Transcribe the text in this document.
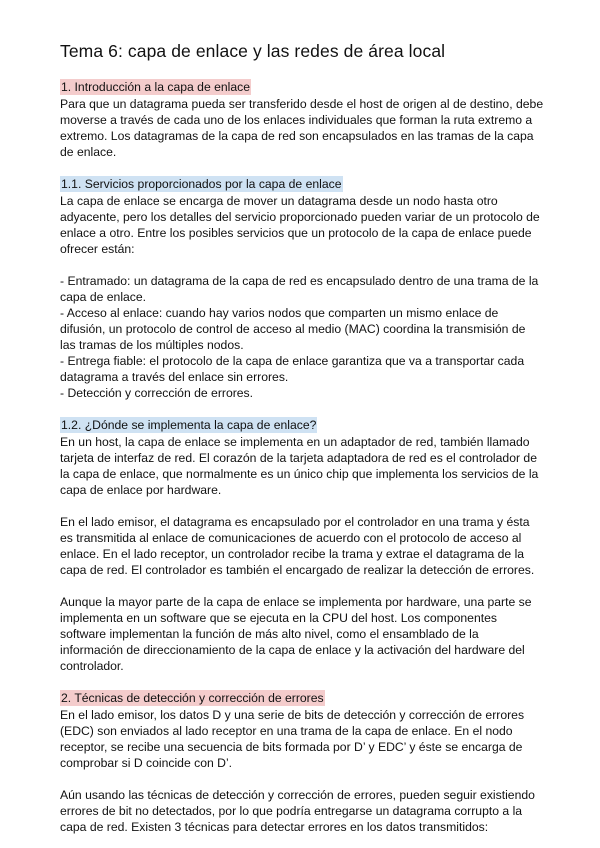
Tema 6: capa de enlace y las redes de área local
1. Introducción a la capa de enlace

Para que un datagrama pueda ser transferido desde el host de origen al de destino, debe moverse a través de cada uno de los enlaces individuales que forman la ruta extremo a extremo. Los datagramas de la capa de red son encapsulados en las tramas de la capa de enlace.

1.1. Servicios proporcionados por la capa de enlace

La capa de enlace se encarga de mover un datagrama desde un nodo hasta otro adyacente, pero los detalles del servicio proporcionado pueden variar de un protocolo de enlace a otro. Entre los posibles servicios que un protocolo de la capa de enlace puede ofrecer están:

- Entramado: un datagrama de la capa de red es encapsulado dentro de una trama de la capa de enlace.

- Acceso al enlace: cuando hay varios nodos que comparten un mismo enlace de difusión, un protocolo de control de acceso al medio (MAC) coordina la transmisión de las tramas de los múltiples nodos.

- Entrega fiable: el protocolo de la capa de enlace garantiza que va a transportar cada datagrama a través del enlace sin errores.

- Detección y corrección de errores.

1.2. ¿Dónde se implementa la capa de enlace?

En un host, la capa de enlace se implementa en un adaptador de red, también llamado tarjeta de interfaz de red. El corazón de la tarjeta adaptadora de red es el controlador de la capa de enlace, que normalmente es un único chip que implementa los servicios de la capa de enlace por hardware.

En el lado emisor, el datagrama es encapsulado por el controlador en una trama y ésta es transmitida al enlace de comunicaciones de acuerdo con el protocolo de acceso al enlace. En el lado receptor, un controlador recibe la trama y extrae el datagrama de la capa de red. El controlador es también el encargado de realizar la detección de errores.

Aunque la mayor parte de la capa de enlace se implementa por hardware, una parte se implementa en un software que se ejecuta en la CPU del host. Los componentes software implementan la función de más alto nivel, como el ensamblado de la información de direccionamiento de la capa de enlace y la activación del hardware del controlador.

2. Técnicas de detección y corrección de errores

En el lado emisor, los datos D y una serie de bits de detección y corrección de errores (EDC) son enviados al lado receptor en una trama de la capa de enlace. En el nodo receptor, se recibe una secuencia de bits formada por D’ y EDC’ y éste se encarga de comprobar si D coincide con D’.

Aún usando las técnicas de detección y corrección de errores, pueden seguir existiendo errores de bit no detectados, por lo que podría entregarse un datagrama corrupto a la capa de red. Existen 3 técnicas para detectar errores en los datos transmitidos:
